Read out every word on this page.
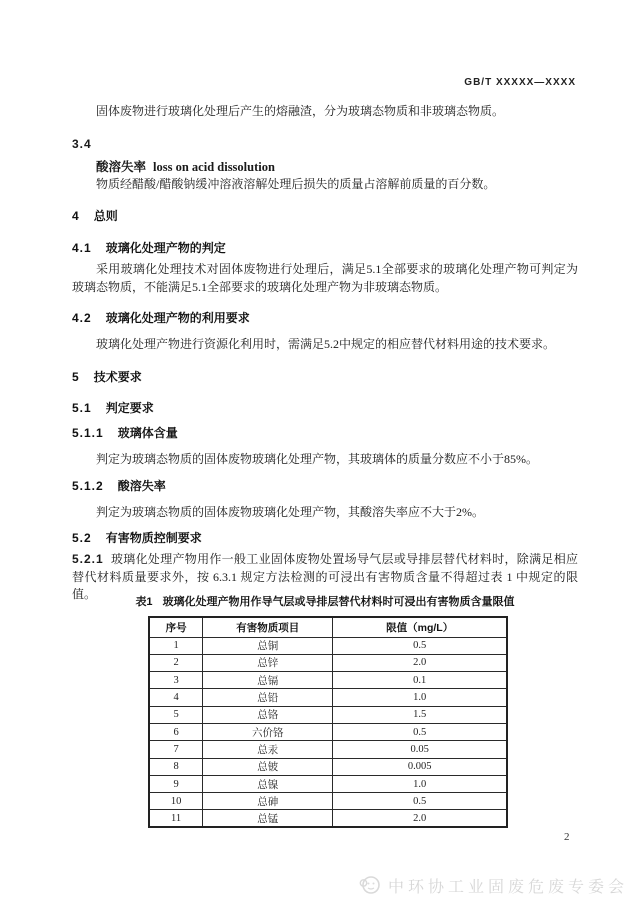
GB/T XXXXX—XXXX
固体废物进行玻璃化处理后产生的熔融渣，分为玻璃态物质和非玻璃态物质。
3.4
酸溶失率 loss on acid dissolution
物质经醋酸/醋酸钠缓冲溶液溶解处理后损失的质量占溶解前质量的百分数。
4 总则
4.1 玻璃化处理产物的判定
采用玻璃化处理技术对固体废物进行处理后，满足5.1全部要求的玻璃化处理产物可判定为玻璃态物质，不能满足5.1全部要求的玻璃化处理产物为非玻璃态物质。
4.2 玻璃化处理产物的利用要求
玻璃化处理产物进行资源化利用时，需满足5.2中规定的相应替代材料用途的技术要求。
5 技术要求
5.1 判定要求
5.1.1 玻璃体含量
判定为玻璃态物质的固体废物玻璃化处理产物，其玻璃体的质量分数应不小于85%。
5.1.2 酸溶失率
判定为玻璃态物质的固体废物玻璃化处理产物，其酸溶失率应不大于2%。
5.2 有害物质控制要求
5.2.1 玻璃化处理产物用作一般工业固体废物处置场导气层或导排层替代材料时，除满足相应替代材料质量要求外，按 6.3.1 规定方法检测的可浸出有害物质含量不得超过表 1 中规定的限值。
表1 玻璃化处理产物用作导气层或导排层替代材料时可浸出有害物质含量限值
序号	有害物质项目	限值（mg/L）
1	总铜	0.5
2	总锌	2.0
3	总镉	0.1
4	总铅	1.0
5	总铬	1.5
6	六价铬	0.5
7	总汞	0.05
8	总铍	0.005
9	总镍	1.0
10	总砷	0.5
11	总锰	2.0
2
中环协工业固废危废专委会
